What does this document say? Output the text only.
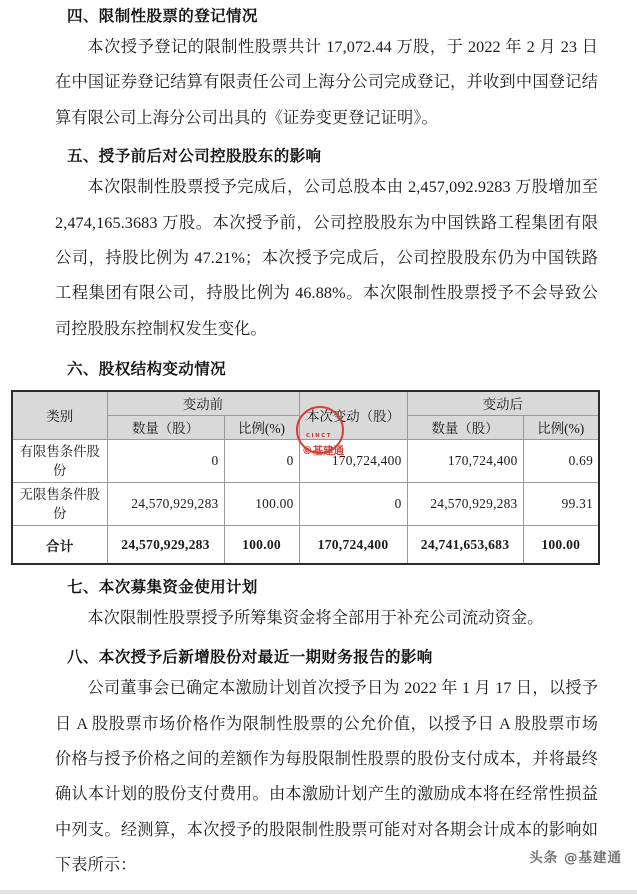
四、限制性股票的登记情况

本次授予登记的限制性股票共计 17,072.44 万股，于 2022 年 2 月 23 日在中国证券登记结算有限责任公司上海分公司完成登记，并收到中国登记结算有限公司上海分公司出具的《证券变更登记证明》。

五、授予前后对公司控股股东的影响

本次限制性股票授予完成后，公司总股本由 2,457,092.9283 万股增加至 2,474,165.3683 万股。本次授予前，公司控股股东为中国铁路工程集团有限公司，持股比例为 47.21%；本次授予完成后，公司控股股东仍为中国铁路工程集团有限公司，持股比例为 46.88%。本次限制性股票授予不会导致公司控股股东控制权发生变化。

六、股权结构变动情况
类别	变动前		本次变动（股）	变动后	
	数量（股）	比例(%)		数量（股）	比例(%)
有限售条件股份	0	0	170,724,400	170,724,400	0.69
无限售条件股份	24,570,929,283	100.00	0	24,570,929,283	99.31
合计	24,570,929,283	100.00	170,724,400	24,741,653,683	100.00
七、本次募集资金使用计划

本次限制性股票授予所筹集资金将全部用于补充公司流动资金。

八、本次授予后新增股份对最近一期财务报告的影响

公司董事会已确定本激励计划首次授予日为 2022 年 1 月 17 日，以授予日 A 股股票市场价格作为限制性股票的公允价值，以授予日 A 股股票市场价格与授予价格之间的差额作为每股限制性股票的股份支付成本，并将最终确认本计划的股份支付费用。由本激励计划产生的激励成本将在经常性损益中列支。经测算，本次授予的股限制性股票可能对对各期会计成本的影响如下表所示：

CINCT
©基建通
头条 @基建通
